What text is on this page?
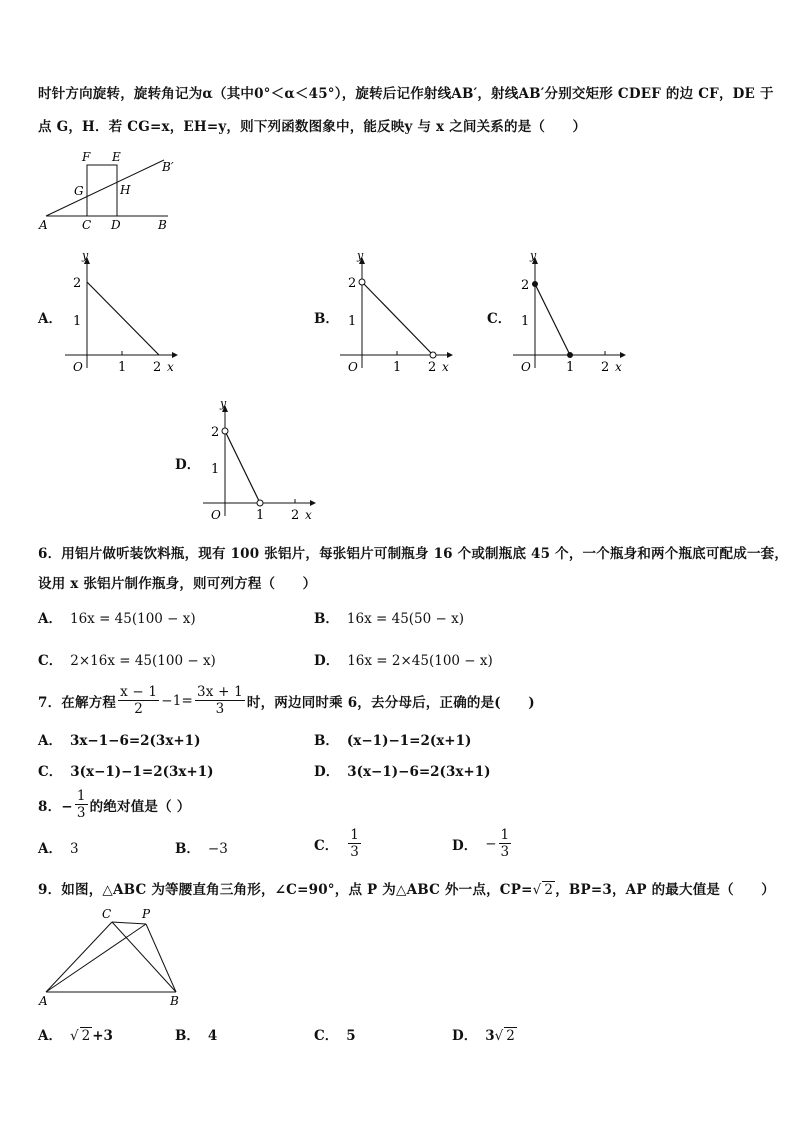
时针方向旋转，旋转角记为α（其中0°＜α＜45°），旋转后记作射线AB′，射线AB′分别交矩形 CDEF 的边 CF，DE 于
点 G，H．若 CG=x，EH=y，则下列函数图象中，能反映y 与 x 之间关系的是（　　）
F E
B′
G	H
A	C D	B
A．
y
x
O	1 2
1
2
B．
y
x
O	1 2
1
2
C．
y
x
O	1 2
1
2
D．
y
x
O	1 2
1
2
6．用铝片做听装饮料瓶，现有 100 张铝片，每张铝片可制瓶身 16 个或制瓶底 45 个，一个瓶身和两个瓶底可配成一套，
设用 x 张铝片制作瓶身，则可列方程（　　）
A． 16x = 45(100 − x)	B． 16x = 45(50 − x)
C． 2×16x = 45(100 − x)	D． 16x = 2×45(100 − x)
7．在解方程 $\frac{x - 1}{2} -1= \frac{3x + 1}{3}$ 时，两边同时乘 6，去分母后，正确的是(　　)
A． 3x−1−6=2(3x+1)	B． (x−1)−1=2(x+1)
C． 3(x−1)−1=2(3x+1)	D． 3(x−1)−6=2(3x+1)
8．− $\frac{1}{3}$ 的绝对值是（ ）
A． 3	B． −3	C． $\frac{1}{3}$	D． − $\frac{1}{3}$
9．如图，△ABC 为等腰直角三角形，∠C=90°，点 P 为△ABC 外一点，CP=√ 2 ，BP=3，AP 的最大值是（　　）
C	P
A	B
A． √ 2 +3	B． 4	C． 5	D． 3√ 2
